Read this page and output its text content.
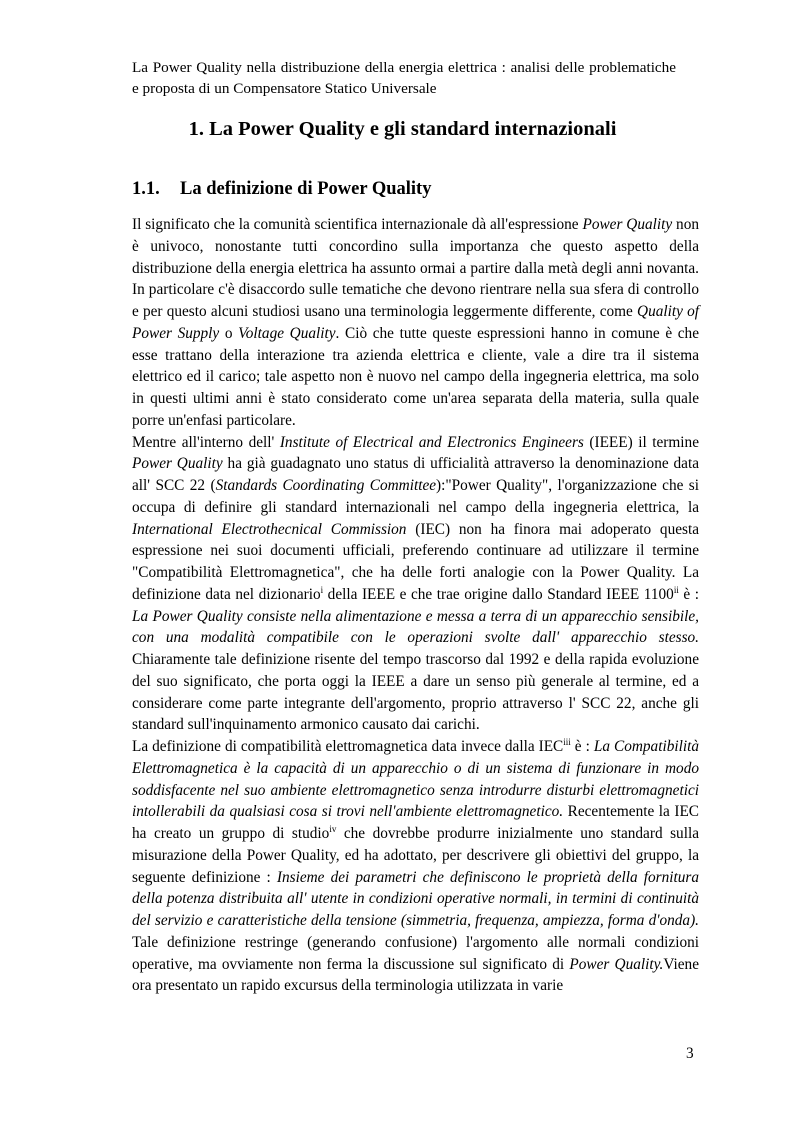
La Power Quality nella distribuzione della energia elettrica : analisi delle problematiche e proposta di un Compensatore Statico Universale
1. La Power Quality e gli standard internazionali
1.1. La definizione di Power Quality

Il significato che la comunità scientifica internazionale dà all'espressione Power Quality non è univoco, nonostante tutti concordino sulla importanza che questo aspetto della distribuzione della energia elettrica ha assunto ormai a partire dalla metà degli anni novanta. In particolare c'è disaccordo sulle tematiche che devono rientrare nella sua sfera di controllo e per questo alcuni studiosi usano una terminologia leggermente differente, come Quality of Power Supply o Voltage Quality. Ciò che tutte queste espressioni hanno in comune è che esse trattano della interazione tra azienda elettrica e cliente, vale a dire tra il sistema elettrico ed il carico; tale aspetto non è nuovo nel campo della ingegneria elettrica, ma solo in questi ultimi anni è stato considerato come un'area separata della materia, sulla quale porre un'enfasi particolare.

Mentre all'interno dell' Institute of Electrical and Electronics Engineers (IEEE) il termine Power Quality ha già guadagnato uno status di ufficialità attraverso la denominazione data all' SCC 22 (Standards Coordinating Committee):"Power Quality", l'organizzazione che si occupa di definire gli standard internazionali nel campo della ingegneria elettrica, la International Electrothecnical Commission (IEC) non ha finora mai adoperato questa espressione nei suoi documenti ufficiali, preferendo continuare ad utilizzare il termine "Compatibilità Elettromagnetica", che ha delle forti analogie con la Power Quality. La definizione data nel dizionario$^i$ della IEEE e che trae origine dallo Standard IEEE 1100$^{ii}$ è : La Power Quality consiste nella alimentazione e messa a terra di un apparecchio sensibile, con una modalità compatibile con le operazioni svolte dall' apparecchio stesso. Chiaramente tale definizione risente del tempo trascorso dal 1992 e della rapida evoluzione del suo significato, che porta oggi la IEEE a dare un senso più generale al termine, ed a considerare come parte integrante dell'argomento, proprio attraverso l' SCC 22, anche gli standard sull'inquinamento armonico causato dai carichi.

La definizione di compatibilità elettromagnetica data invece dalla IEC$^{iii}$ è : La Compatibilità Elettromagnetica è la capacità di un apparecchio o di un sistema di funzionare in modo soddisfacente nel suo ambiente elettromagnetico senza introdurre disturbi elettromagnetici intollerabili da qualsiasi cosa si trovi nell'ambiente elettromagnetico. Recentemente la IEC ha creato un gruppo di studio$^{iv}$ che dovrebbe produrre inizialmente uno standard sulla misurazione della Power Quality, ed ha adottato, per descrivere gli obiettivi del gruppo, la seguente definizione : Insieme dei parametri che definiscono le proprietà della fornitura della potenza distribuita all' utente in condizioni operative normali, in termini di continuità del servizio e caratteristiche della tensione (simmetria, frequenza, ampiezza, forma d'onda). Tale definizione restringe (generando confusione) l'argomento alle normali condizioni operative, ma ovviamente non ferma la discussione sul significato di Power Quality.Viene ora presentato un rapido excursus della terminologia utilizzata in varie

3
